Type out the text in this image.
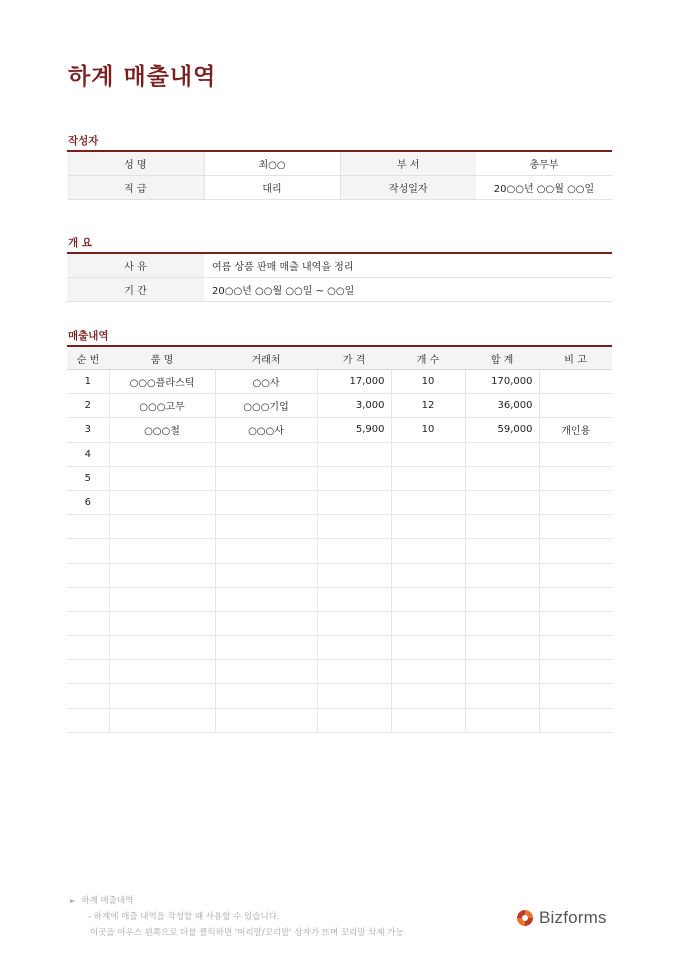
하계 매출내역
작성자
성 명	최○○	부 서	총무부
직 급	대리	작성일자	20○○년 ○○월 ○○일
개 요
사 유	여름 상품 판매 매출 내역을 정리
기 간	20○○년 ○○월 ○○일 ~ ○○일
매출내역
순 번	품 명	거래처	가 격	개 수	합 계	비 고
1	○○○플라스틱	○○사	17,000	10	170,000	
2	○○○고무	○○○기업	3,000	12	36,000	
3	○○○철	○○○사	5,900	10	59,000	개인용
4						
5						
6						

► 하계 매출내역
- 하계에 매출 내역을 작성할 때 사용할 수 있습니다.
이곳을 마우스 왼쪽으로 더블 클릭하면 '머리말/꼬리말' 상자가 뜨며 꼬리말 삭제 가능
Bizforms
